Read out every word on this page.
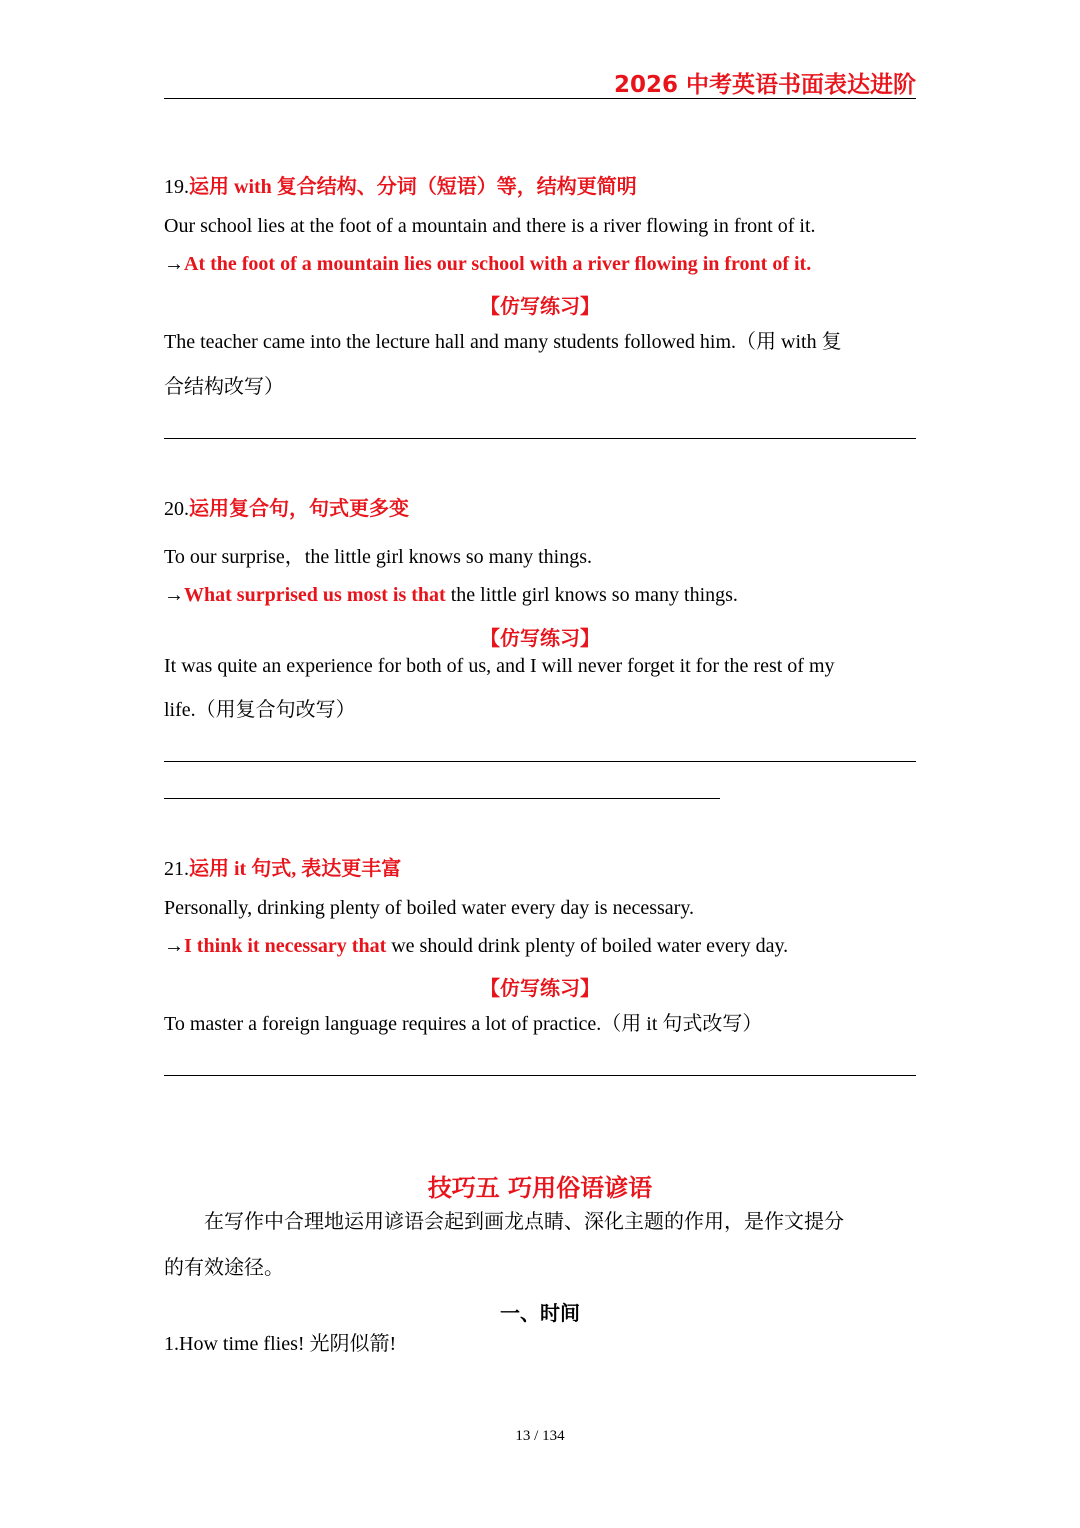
2026 中考英语书面表达进阶
19.运用 with 复合结构、分词（短语）等，结构更简明
Our school lies at the foot of a mountain and there is a river flowing in front of it.
→At the foot of a mountain lies our school with a river flowing in front of it.
【仿写练习】
The teacher came into the lecture hall and many students followed him.（用 with 复
合结构改写）
20.运用复合句，句式更多变
To our surprise，the little girl knows so many things.
→What surprised us most is that the little girl knows so many things.
【仿写练习】
It was quite an experience for both of us, and I will never forget it for the rest of my
life.（用复合句改写）
21.运用 it 句式, 表达更丰富
Personally, drinking plenty of boiled water every day is necessary.
→I think it necessary that we should drink plenty of boiled water every day.
【仿写练习】
To master a foreign language requires a lot of practice.（用 it 句式改写）
技巧五 巧用俗语谚语
在写作中合理地运用谚语会起到画龙点睛、深化主题的作用，是作文提分
的有效途径。
一、时间
1.How time flies! 光阴似箭!
13 / 134
